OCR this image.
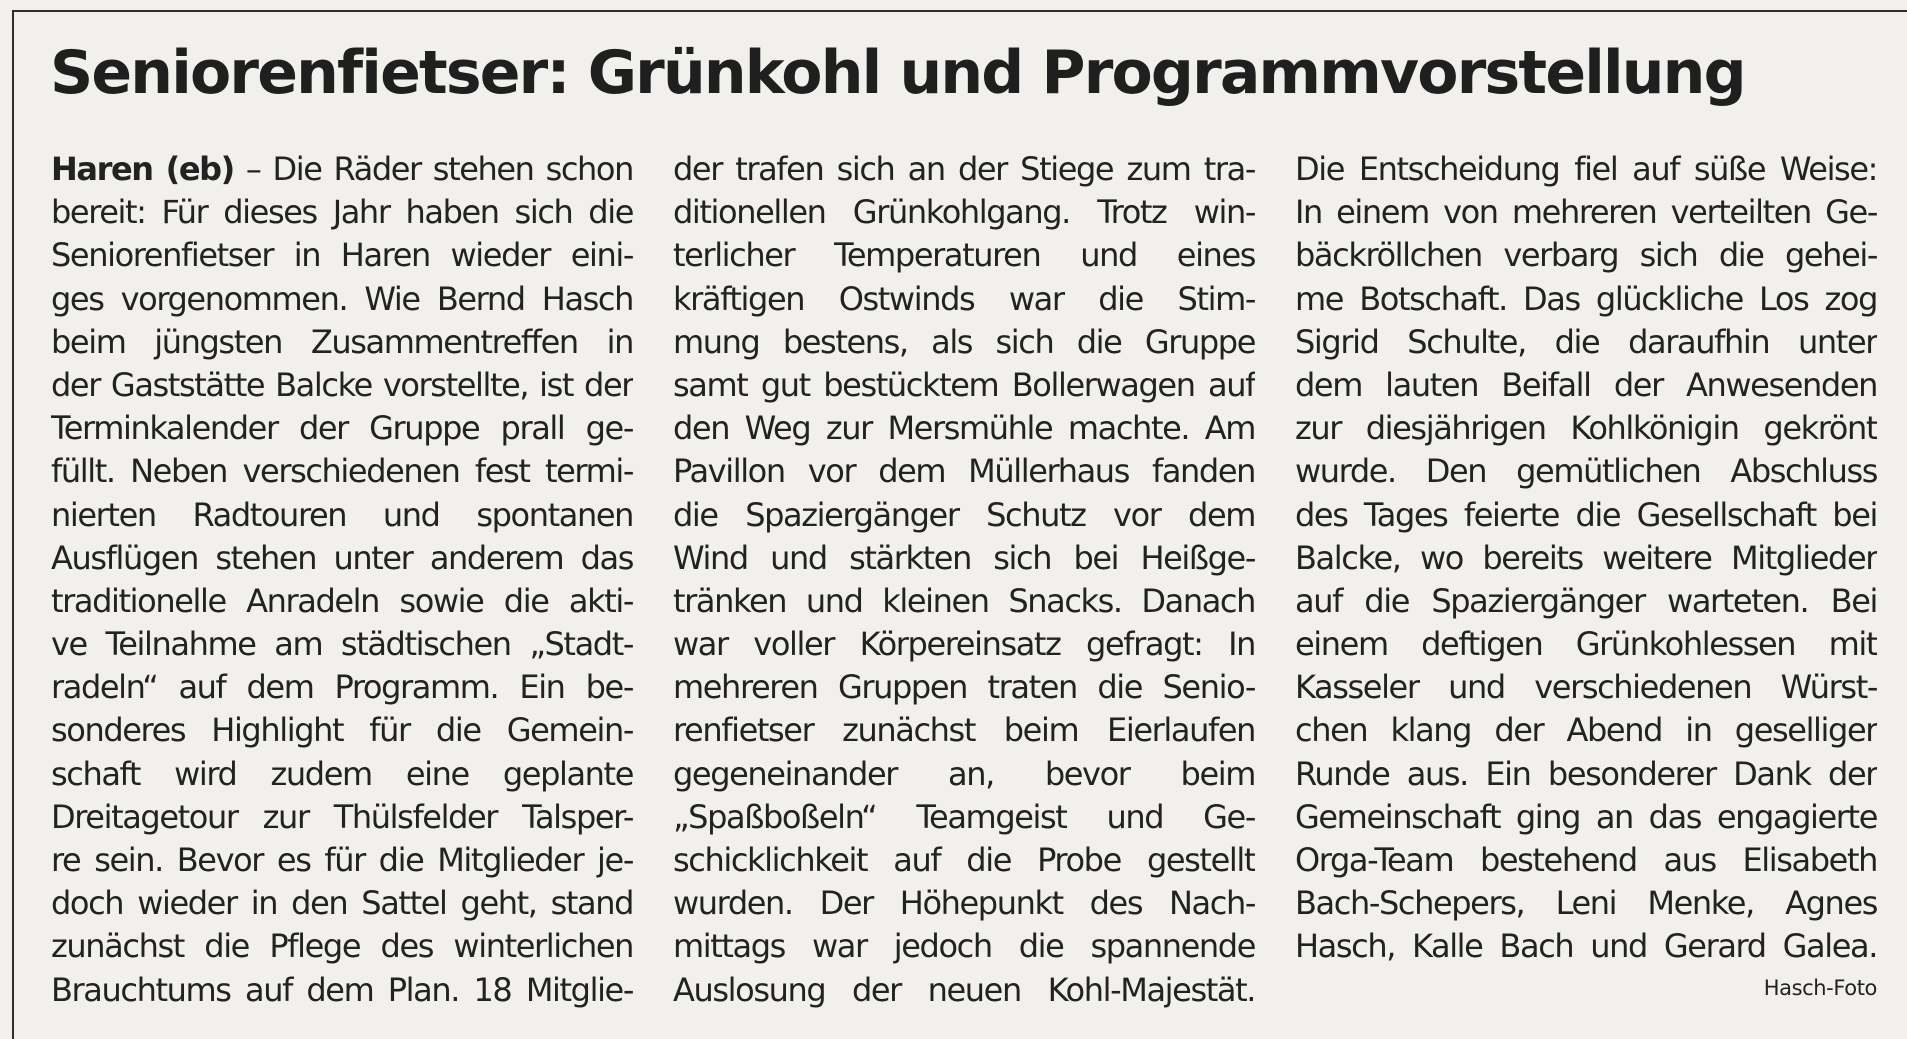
Seniorenfietser: Grünkohl und Programmvorstellung
Haren (eb) – Die Räder stehen schon
bereit: Für dieses Jahr haben sich die
Seniorenfietser in Haren wieder eini-
ges vorgenommen. Wie Bernd Hasch
beim jüngsten Zusammentreffen in
der Gaststätte Balcke vorstellte, ist der
Terminkalender der Gruppe prall ge-
füllt. Neben verschiedenen fest termi-
nierten Radtouren und spontanen
Ausflügen stehen unter anderem das
traditionelle Anradeln sowie die akti-
ve Teilnahme am städtischen „Stadt-
radeln“ auf dem Programm. Ein be-
sonderes Highlight für die Gemein-
schaft wird zudem eine geplante
Dreitagetour zur Thülsfelder Talsper-
re sein. Bevor es für die Mitglieder je-
doch wieder in den Sattel geht, stand
zunächst die Pflege des winterlichen
Brauchtums auf dem Plan. 18 Mitglie-
der trafen sich an der Stiege zum tra-
ditionellen Grünkohlgang. Trotz win-
terlicher Temperaturen und eines
kräftigen Ostwinds war die Stim-
mung bestens, als sich die Gruppe
samt gut bestücktem Bollerwagen auf
den Weg zur Mersmühle machte. Am
Pavillon vor dem Müllerhaus fanden
die Spaziergänger Schutz vor dem
Wind und stärkten sich bei Heißge-
tränken und kleinen Snacks. Danach
war voller Körpereinsatz gefragt: In
mehreren Gruppen traten die Senio-
renfietser zunächst beim Eierlaufen
gegeneinander an, bevor beim
„Spaßboßeln“ Teamgeist und Ge-
schicklichkeit auf die Probe gestellt
wurden. Der Höhepunkt des Nach-
mittags war jedoch die spannende
Auslosung der neuen Kohl-Majestät.
Die Entscheidung fiel auf süße Weise:
In einem von mehreren verteilten Ge-
bäckröllchen verbarg sich die gehei-
me Botschaft. Das glückliche Los zog
Sigrid Schulte, die daraufhin unter
dem lauten Beifall der Anwesenden
zur diesjährigen Kohlkönigin gekrönt
wurde. Den gemütlichen Abschluss
des Tages feierte die Gesellschaft bei
Balcke, wo bereits weitere Mitglieder
auf die Spaziergänger warteten. Bei
einem deftigen Grünkohlessen mit
Kasseler und verschiedenen Würst-
chen klang der Abend in geselliger
Runde aus. Ein besonderer Dank der
Gemeinschaft ging an das engagierte
Orga-Team bestehend aus Elisabeth
Bach-Schepers, Leni Menke, Agnes
Hasch, Kalle Bach und Gerard Galea.
Hasch-Foto
